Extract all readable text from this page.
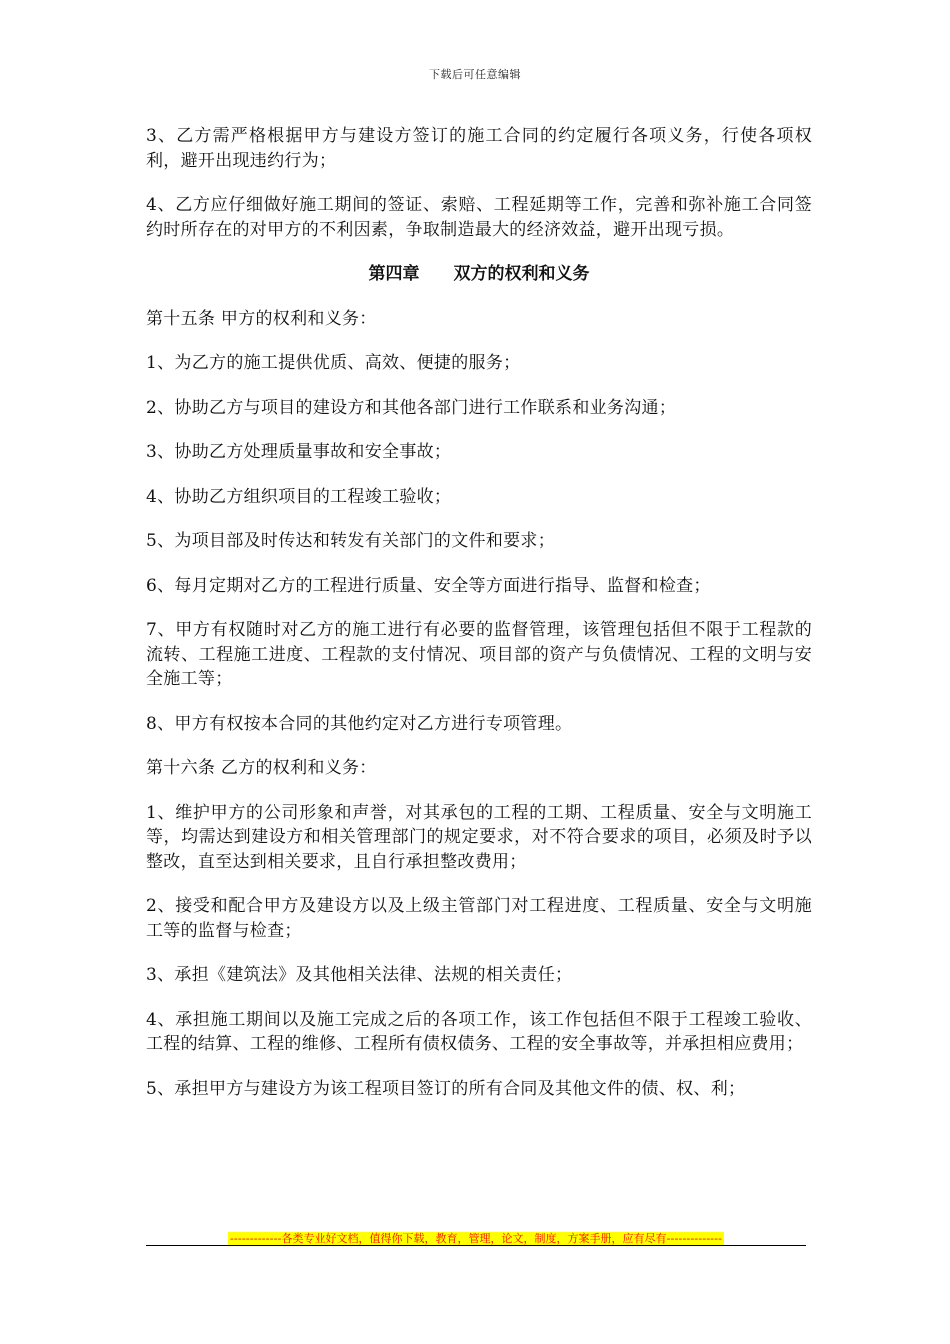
下载后可任意编辑

3、乙方需严格根据甲方与建设方签订的施工合同的约定履行各项义务，行使各项权利，避开出现违约行为；

4、乙方应仔细做好施工期间的签证、索赔、工程延期等工作，完善和弥补施工合同签约时所存在的对甲方的不利因素，争取制造最大的经济效益，避开出现亏损。

第四章 双方的权利和义务

第十五条 甲方的权利和义务：

1、为乙方的施工提供优质、高效、便捷的服务；

2、协助乙方与项目的建设方和其他各部门进行工作联系和业务沟通；

3、协助乙方处理质量事故和安全事故；

4、协助乙方组织项目的工程竣工验收；

5、为项目部及时传达和转发有关部门的文件和要求；

6、每月定期对乙方的工程进行质量、安全等方面进行指导、监督和检查；

7、甲方有权随时对乙方的施工进行有必要的监督管理，该管理包括但不限于工程款的流转、工程施工进度、工程款的支付情况、项目部的资产与负债情况、工程的文明与安全施工等；

8、甲方有权按本合同的其他约定对乙方进行专项管理。

第十六条 乙方的权利和义务：

1、维护甲方的公司形象和声誉，对其承包的工程的工期、工程质量、安全与文明施工等，均需达到建设方和相关管理部门的规定要求，对不符合要求的项目，必须及时予以整改，直至达到相关要求，且自行承担整改费用；

2、接受和配合甲方及建设方以及上级主管部门对工程进度、工程质量、安全与文明施工等的监督与检查；

3、承担《建筑法》及其他相关法律、法规的相关责任；

4、承担施工期间以及施工完成之后的各项工作，该工作包括但不限于工程竣工验收、工程的结算、工程的维修、工程所有债权债务、工程的安全事故等，并承担相应费用；

5、承担甲方与建设方为该工程项目签订的所有合同及其他文件的债、权、利；

-------------各类专业好文档，值得你下载，教育，管理，论文，制度，方案手册，应有尽有--------------
